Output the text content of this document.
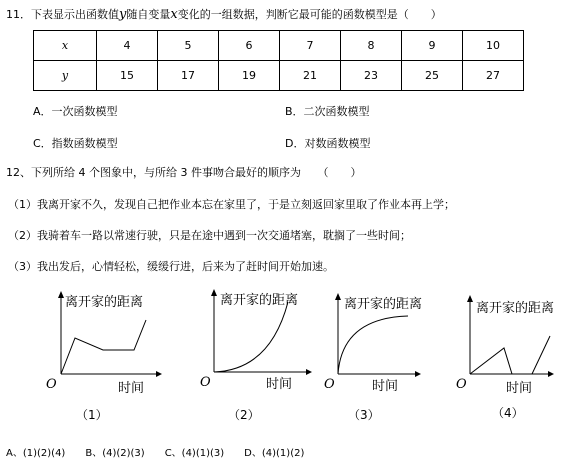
11．下表显示出函数值y随自变量x变化的一组数据，判断它最可能的函数模型是（　　）
x	4	5	6	7	8	9	10
y	15	17	19	21	23	25	27
A．一次函数模型	B．二次函数模型
C．指数函数模型	D．对数函数模型
12、下列所给 4 个图象中，与所给 3 件事吻合最好的顺序为　　（　　）
（1）我离开家不久，发现自己把作业本忘在家里了，于是立刻返回家里取了作业本再上学；
（2）我骑着车一路以常速行驶，只是在途中遇到一次交通堵塞，耽搁了一些时间；
（3）我出发后，心情轻松，缓缓行进，后来为了赶时间开始加速。
离开家的距离
时间
O
离开家的距离
时间
O
离开家的距离
时间
O
离开家的距离
时间
O
（1）	（2）	（3）	（4）
A、(1)(2)(4)　　B、(4)(2)(3)　　C、(4)(1)(3)　　D、(4)(1)(2)
